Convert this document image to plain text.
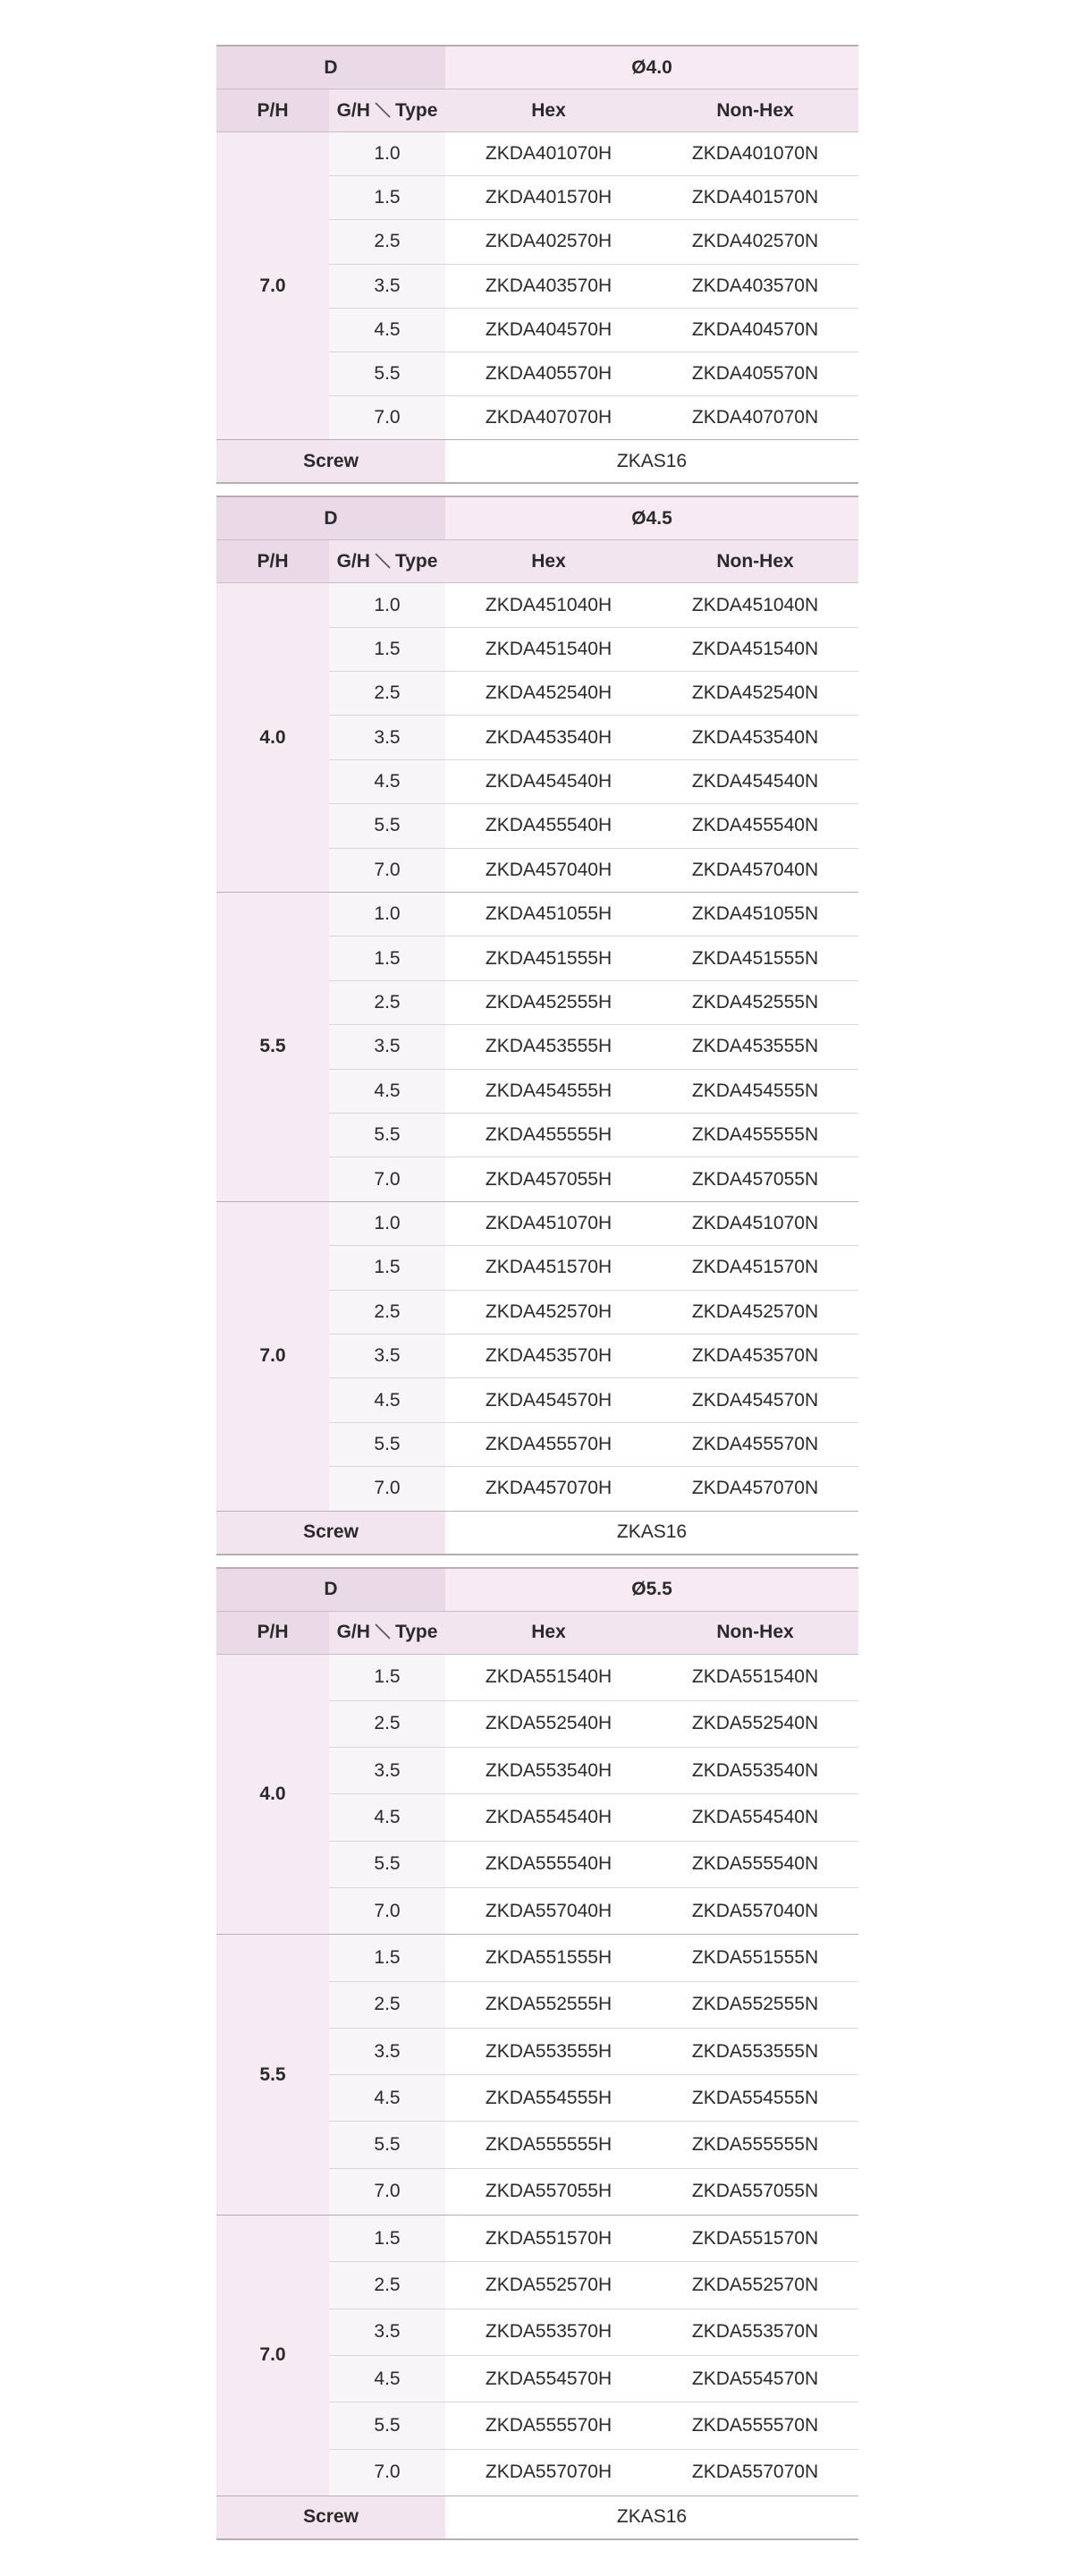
D		Ø4.0	
P/H	G/H Type	Hex	Non-Hex
7.0	1.0	ZKDA401070H	ZKDA401070N
	1.5	ZKDA401570H	ZKDA401570N
	2.5	ZKDA402570H	ZKDA402570N
	3.5	ZKDA403570H	ZKDA403570N
	4.5	ZKDA404570H	ZKDA404570N
	5.5	ZKDA405570H	ZKDA405570N
	7.0	ZKDA407070H	ZKDA407070N
Screw		ZKAS16	
D		Ø4.5	
P/H	G/H Type	Hex	Non-Hex
4.0	1.0	ZKDA451040H	ZKDA451040N
	1.5	ZKDA451540H	ZKDA451540N
	2.5	ZKDA452540H	ZKDA452540N
	3.5	ZKDA453540H	ZKDA453540N
	4.5	ZKDA454540H	ZKDA454540N
	5.5	ZKDA455540H	ZKDA455540N
	7.0	ZKDA457040H	ZKDA457040N
5.5	1.0	ZKDA451055H	ZKDA451055N
	1.5	ZKDA451555H	ZKDA451555N
	2.5	ZKDA452555H	ZKDA452555N
	3.5	ZKDA453555H	ZKDA453555N
	4.5	ZKDA454555H	ZKDA454555N
	5.5	ZKDA455555H	ZKDA455555N
	7.0	ZKDA457055H	ZKDA457055N
7.0	1.0	ZKDA451070H	ZKDA451070N
	1.5	ZKDA451570H	ZKDA451570N
	2.5	ZKDA452570H	ZKDA452570N
	3.5	ZKDA453570H	ZKDA453570N
	4.5	ZKDA454570H	ZKDA454570N
	5.5	ZKDA455570H	ZKDA455570N
	7.0	ZKDA457070H	ZKDA457070N
Screw		ZKAS16	
D		Ø5.5	
P/H	G/H Type	Hex	Non-Hex
4.0	1.5	ZKDA551540H	ZKDA551540N
	2.5	ZKDA552540H	ZKDA552540N
	3.5	ZKDA553540H	ZKDA553540N
	4.5	ZKDA554540H	ZKDA554540N
	5.5	ZKDA555540H	ZKDA555540N
	7.0	ZKDA557040H	ZKDA557040N
5.5	1.5	ZKDA551555H	ZKDA551555N
	2.5	ZKDA552555H	ZKDA552555N
	3.5	ZKDA553555H	ZKDA553555N
	4.5	ZKDA554555H	ZKDA554555N
	5.5	ZKDA555555H	ZKDA555555N
	7.0	ZKDA557055H	ZKDA557055N
7.0	1.5	ZKDA551570H	ZKDA551570N
	2.5	ZKDA552570H	ZKDA552570N
	3.5	ZKDA553570H	ZKDA553570N
	4.5	ZKDA554570H	ZKDA554570N
	5.5	ZKDA555570H	ZKDA555570N
	7.0	ZKDA557070H	ZKDA557070N
Screw		ZKAS16	
